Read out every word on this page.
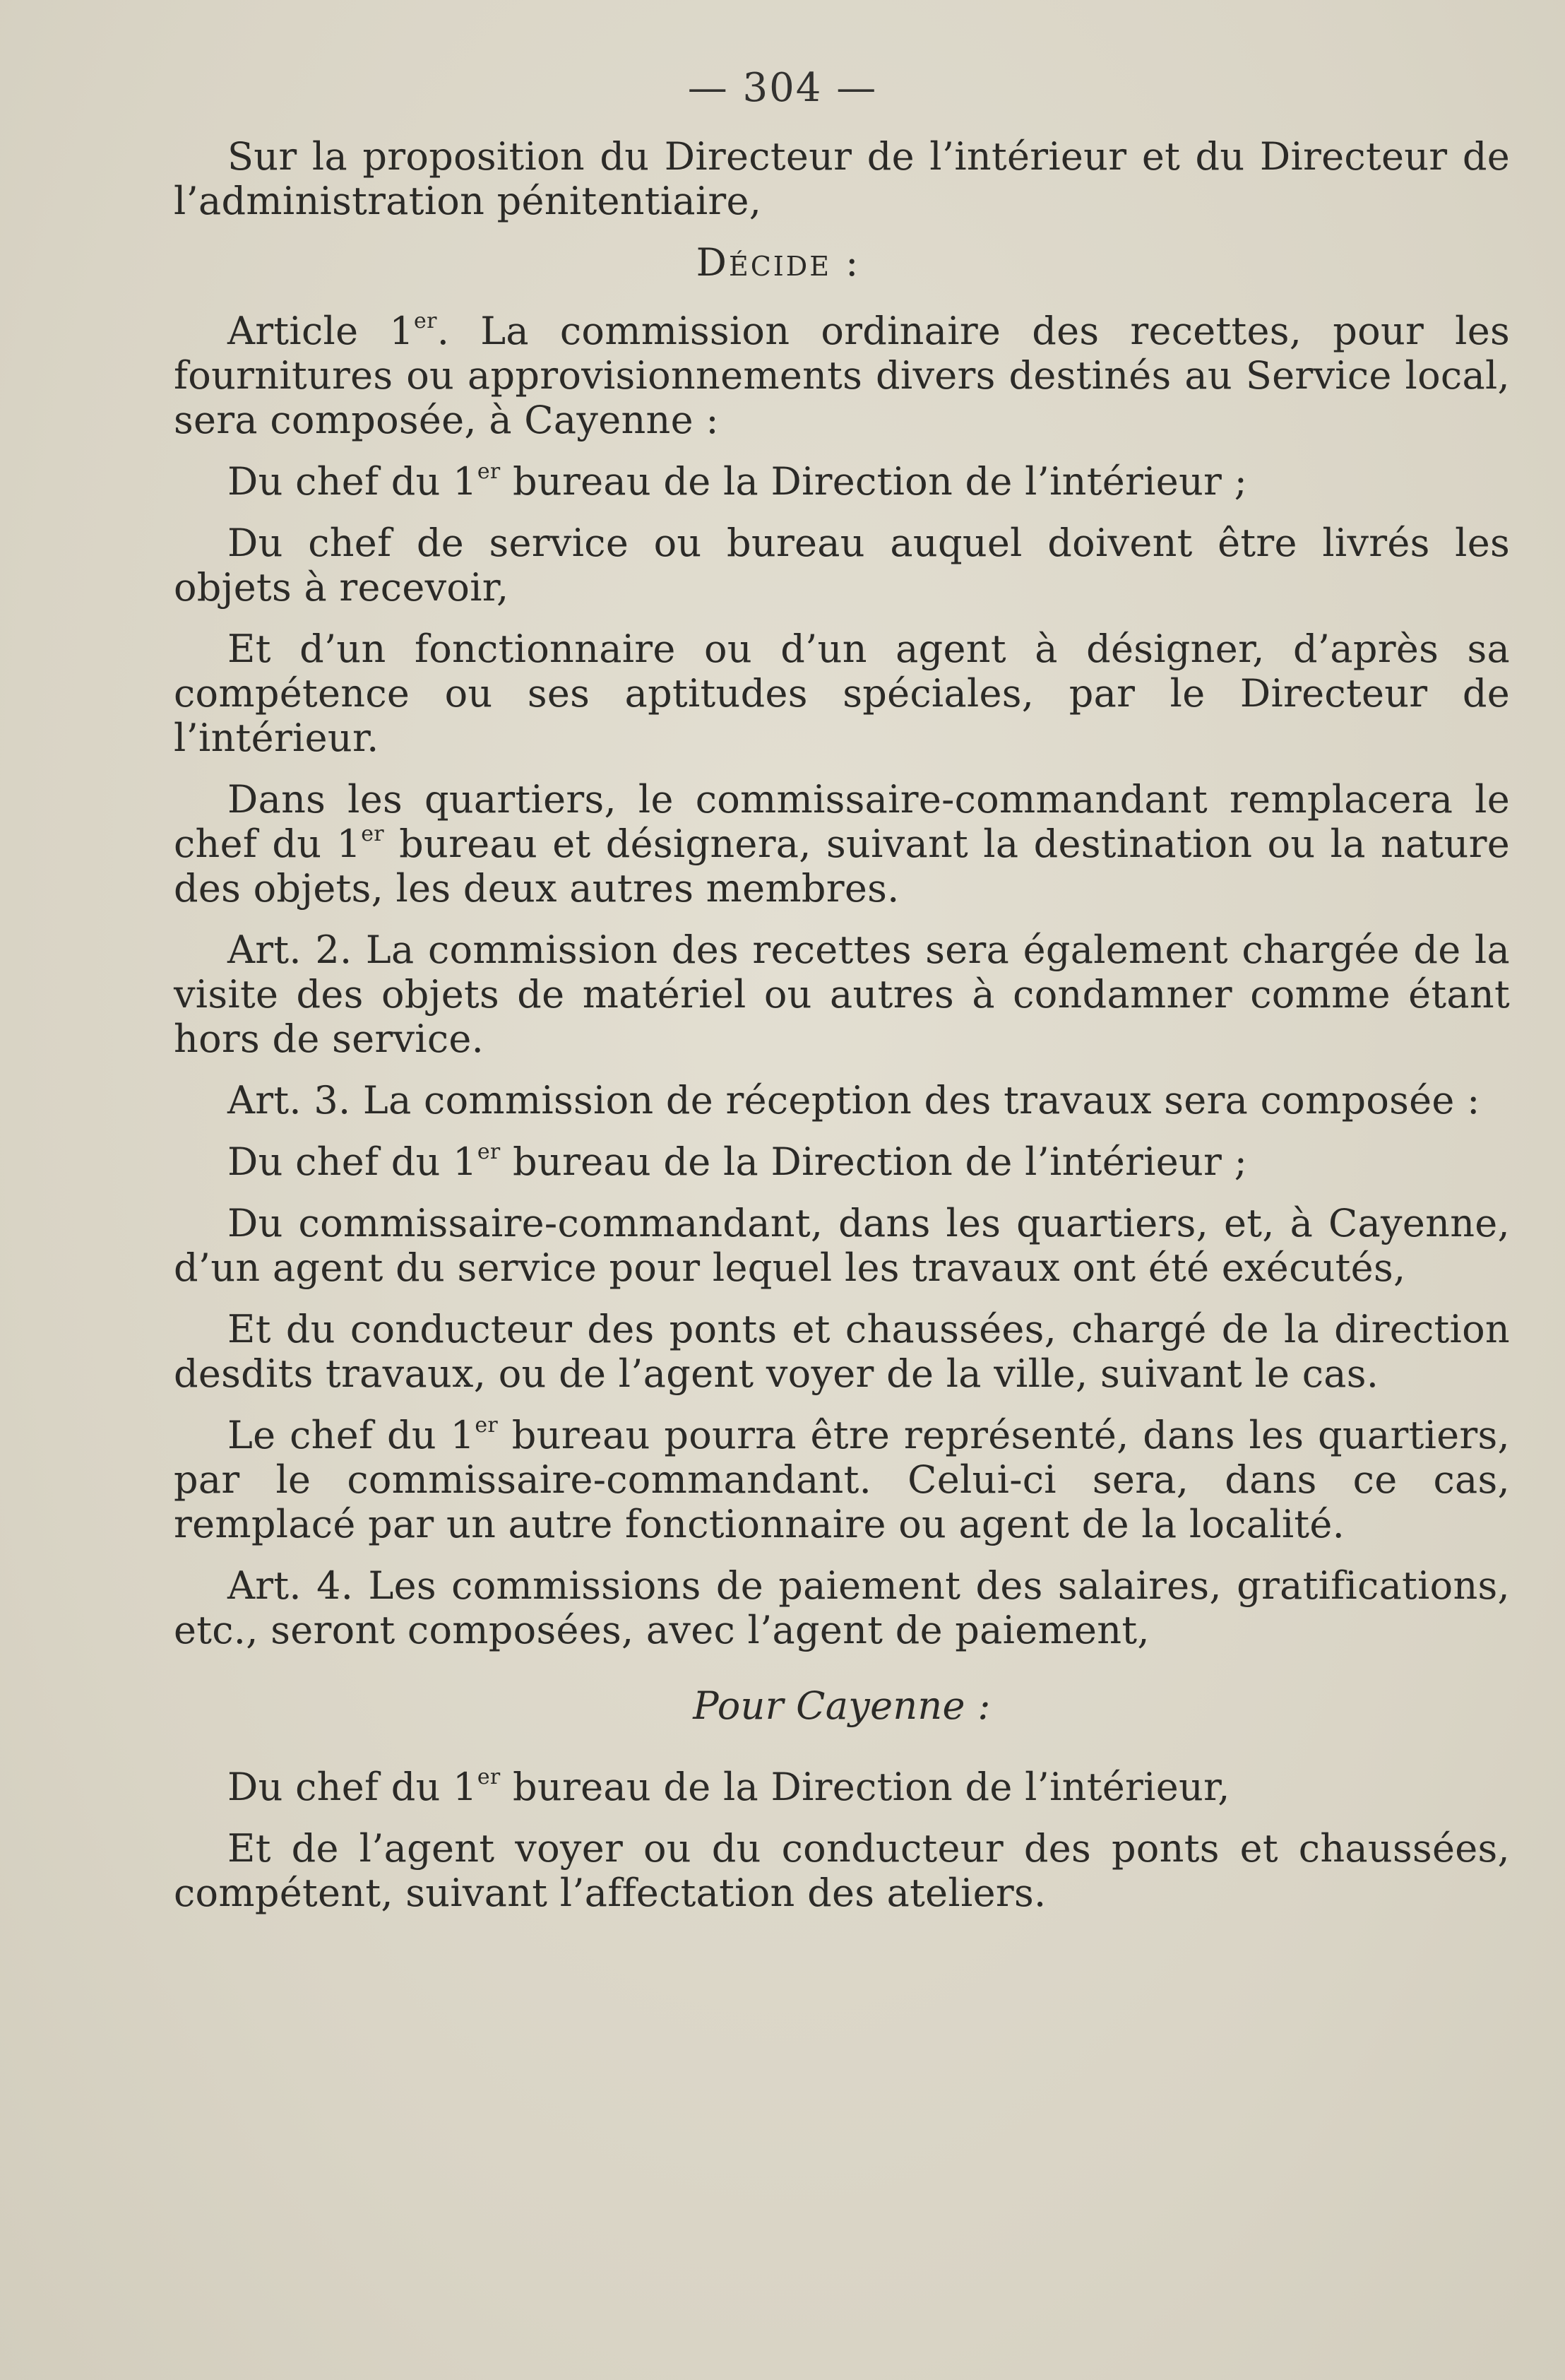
— 304 —

Sur la proposition du Directeur de l’intérieur et du Directeur de l’administration pénitentiaire,

Décide :

Article 1er. La commission ordinaire des recettes, pour les fournitures ou approvisionnements divers destinés au Service local, sera composée, à Cayenne :

Du chef du 1er bureau de la Direction de l’intérieur ;

Du chef de service ou bureau auquel doivent être livrés les objets à recevoir,

Et d’un fonctionnaire ou d’un agent à désigner, d’après sa compétence ou ses aptitudes spéciales, par le Directeur de l’intérieur.

Dans les quartiers, le commissaire-commandant remplacera le chef du 1er bureau et désignera, suivant la destination ou la nature des objets, les deux autres membres.

Art. 2. La commission des recettes sera également chargée de la visite des objets de matériel ou autres à condamner comme étant hors de service.

Art. 3. La commission de réception des travaux sera composée :

Du chef du 1er bureau de la Direction de l’intérieur ;

Du commissaire-commandant, dans les quartiers, et, à Cayenne, d’un agent du service pour lequel les travaux ont été exécutés,

Et du conducteur des ponts et chaussées, chargé de la direction desdits travaux, ou de l’agent voyer de la ville, suivant le cas.

Le chef du 1er bureau pourra être représenté, dans les quartiers, par le commissaire-commandant. Celui-ci sera, dans ce cas, remplacé par un autre fonctionnaire ou agent de la localité.

Art. 4. Les commissions de paiement des salaires, gratifications, etc., seront composées, avec l’agent de paiement,

Pour Cayenne :

Du chef du 1er bureau de la Direction de l’intérieur,

Et de l’agent voyer ou du conducteur des ponts et chaussées, compétent, suivant l’affectation des ateliers.
